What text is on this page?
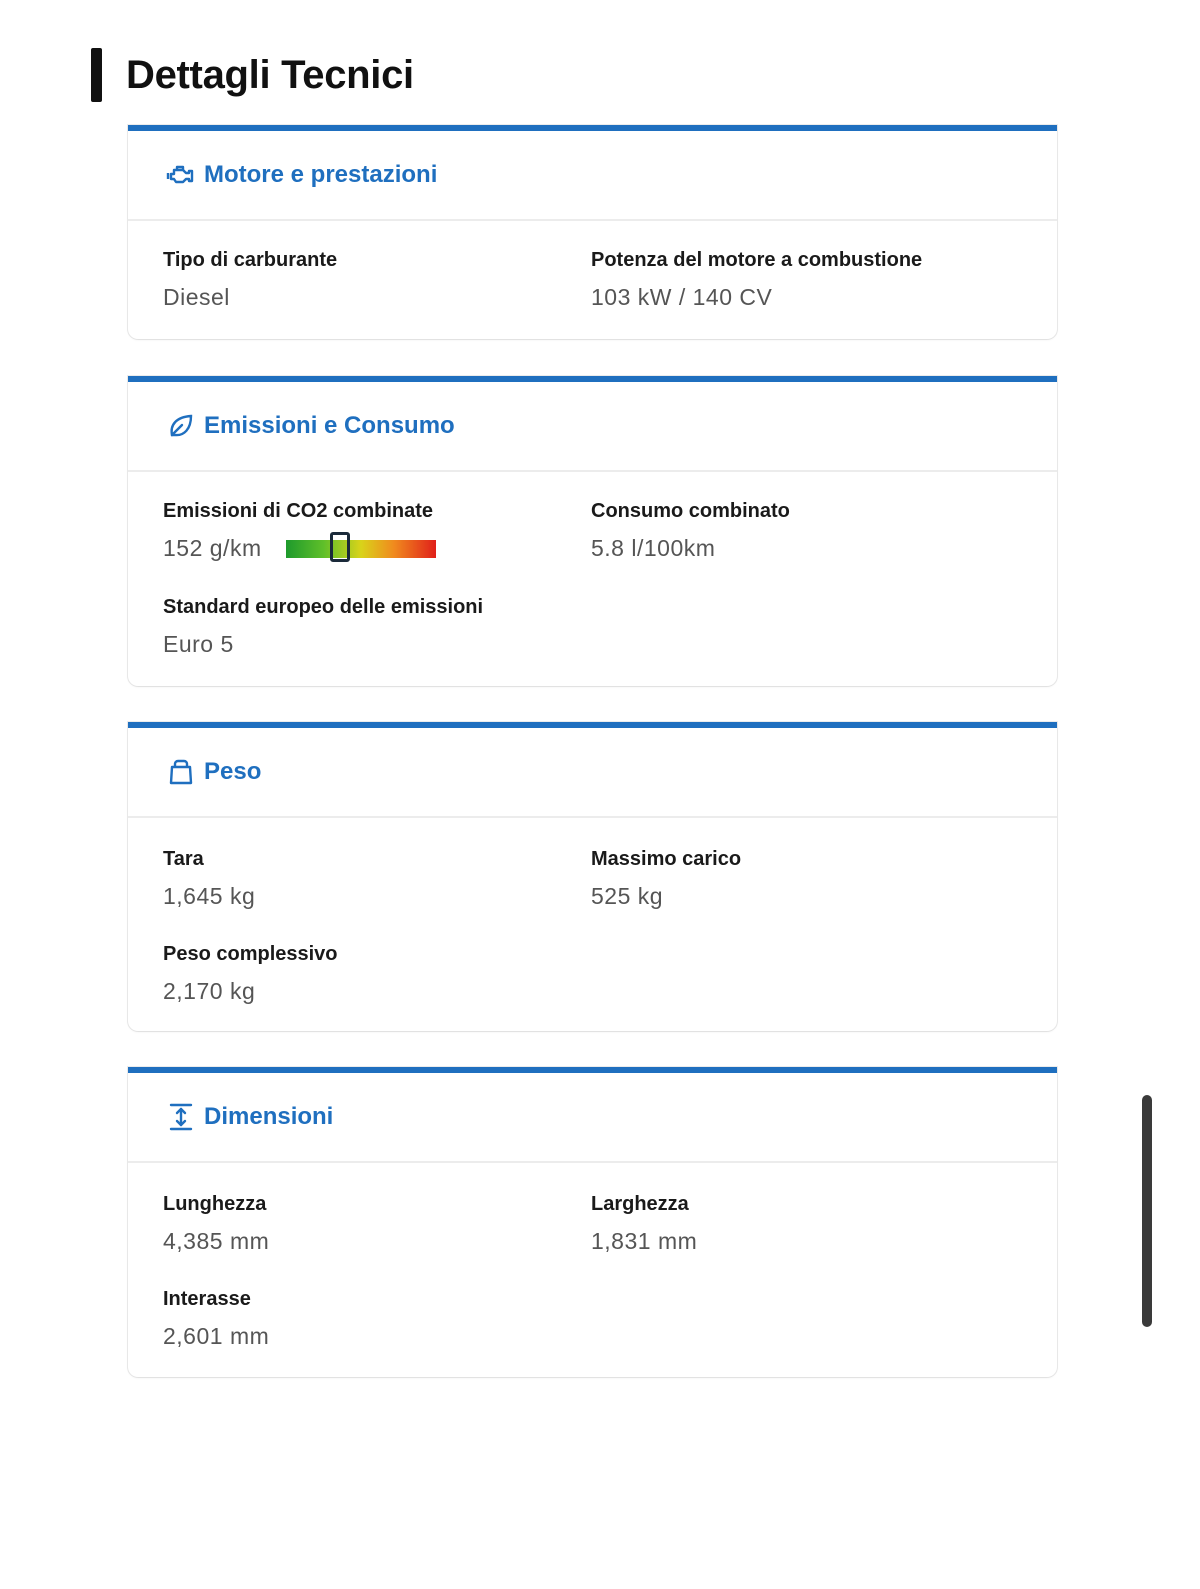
Dettagli Tecnici
Motore e prestazioni
Tipo di carburante
Diesel
Potenza del motore a combustione
103 kW / 140 CV
Emissioni e Consumo
Emissioni di CO2 combinate
152 g/km
Consumo combinato
5.8 l/100km
Standard europeo delle emissioni
Euro 5
Peso
Tara
1,645 kg
Massimo carico
525 kg
Peso complessivo
2,170 kg
Dimensioni
Lunghezza
4,385 mm
Larghezza
1,831 mm
Interasse
2,601 mm
